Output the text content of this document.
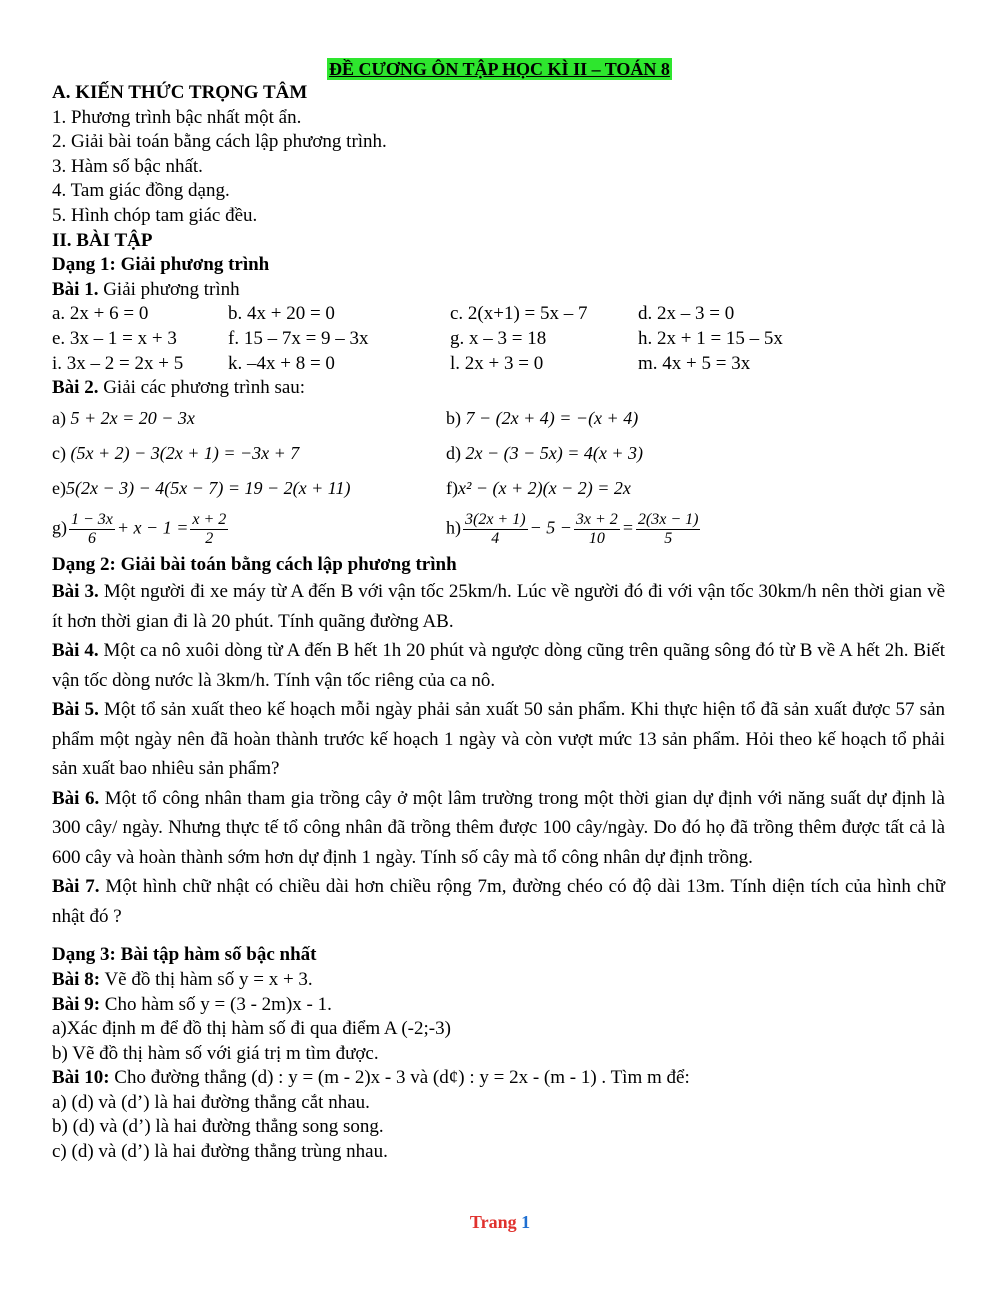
ĐỀ CƯƠNG ÔN TẬP HỌC KÌ II – TOÁN 8
A. KIẾN THỨC TRỌNG TÂM
1. Phương trình bậc nhất một ẩn.
2. Giải bài toán bằng cách lập phương trình.
3. Hàm số bậc nhất.
4. Tam giác đồng dạng.
5. Hình chóp tam giác đều.
II. BÀI TẬP
Dạng 1: Giải phương trình
Bài 1. Giải phương trình
a. 2x + 6 = 0	b. 4x + 20 = 0	c. 2(x+1) = 5x – 7	d. 2x – 3 = 0
e. 3x – 1 = x + 3	f. 15 – 7x = 9 – 3x	g. x – 3 = 18	h. 2x + 1 = 15 – 5x
i. 3x – 2 = 2x + 5	k. –4x + 8 = 0	l. 2x + 3 = 0	m. 4x + 5 = 3x
Bài 2. Giải các phương trình sau:
a) 5 + 2x = 20 − 3x	b) 7 − (2x + 4) = −(x + 4)
c) (5x + 2) − 3(2x + 1) = −3x + 7	d) 2x − (3 − 5x) = 4(x + 3)
e)5(2x − 3) − 4(5x − 7) = 19 − 2(x + 11)	f)x² − (x + 2)(x − 2) = 2x
$g) \frac{1 - 3x}{6} + x - 1 = \frac{x + 2}{2}$	$h) \frac{3(2x + 1)}{4} - 5 - \frac{3x + 2}{10} = \frac{2(3x - 1)}{5}$
Dạng 2: Giải bài toán bằng cách lập phương trình
Bài 3. Một người đi xe máy từ A đến B với vận tốc 25km/h. Lúc về người đó đi với vận tốc 30km/h nên thời gian về ít hơn thời gian đi là 20 phút. Tính quãng đường AB.
Bài 4. Một ca nô xuôi dòng từ A đến B hết 1h 20 phút và ngược dòng cũng trên quãng sông đó từ B về A hết 2h. Biết vận tốc dòng nước là 3km/h. Tính vận tốc riêng của ca nô.
Bài 5. Một tổ sản xuất theo kế hoạch mỗi ngày phải sản xuất 50 sản phẩm. Khi thực hiện tổ đã sản xuất được 57 sản phẩm một ngày nên đã hoàn thành trước kế hoạch 1 ngày và còn vượt mức 13 sản phẩm. Hỏi theo kế hoạch tổ phải sản xuất bao nhiêu sản phẩm?
Bài 6. Một tổ công nhân tham gia trồng cây ở một lâm trường trong một thời gian dự định với năng suất dự định là 300 cây/ ngày. Nhưng thực tế tổ công nhân đã trồng thêm được 100 cây/ngày. Do đó họ đã trồng thêm được tất cả là 600 cây và hoàn thành sớm hơn dự định 1 ngày. Tính số cây mà tổ công nhân dự định trồng.
Bài 7. Một hình chữ nhật có chiều dài hơn chiều rộng 7m, đường chéo có độ dài 13m. Tính diện tích của hình chữ nhật đó ?
Dạng 3: Bài tập hàm số bậc nhất
Bài 8: Vẽ đồ thị hàm số y = x + 3.
Bài 9: Cho hàm số y = (3 - 2m)x - 1.
a)Xác định m để đồ thị hàm số đi qua điểm A (-2;-3)
b) Vẽ đồ thị hàm số với giá trị m tìm được.
Bài 10: Cho đường thẳng (d) : y = (m - 2)x - 3 và (d¢) : y = 2x - (m - 1) . Tìm m để:
a) (d) và (d’) là hai đường thẳng cắt nhau.
b) (d) và (d’) là hai đường thẳng song song.
c) (d) và (d’) là hai đường thẳng trùng nhau.
Trang 1
